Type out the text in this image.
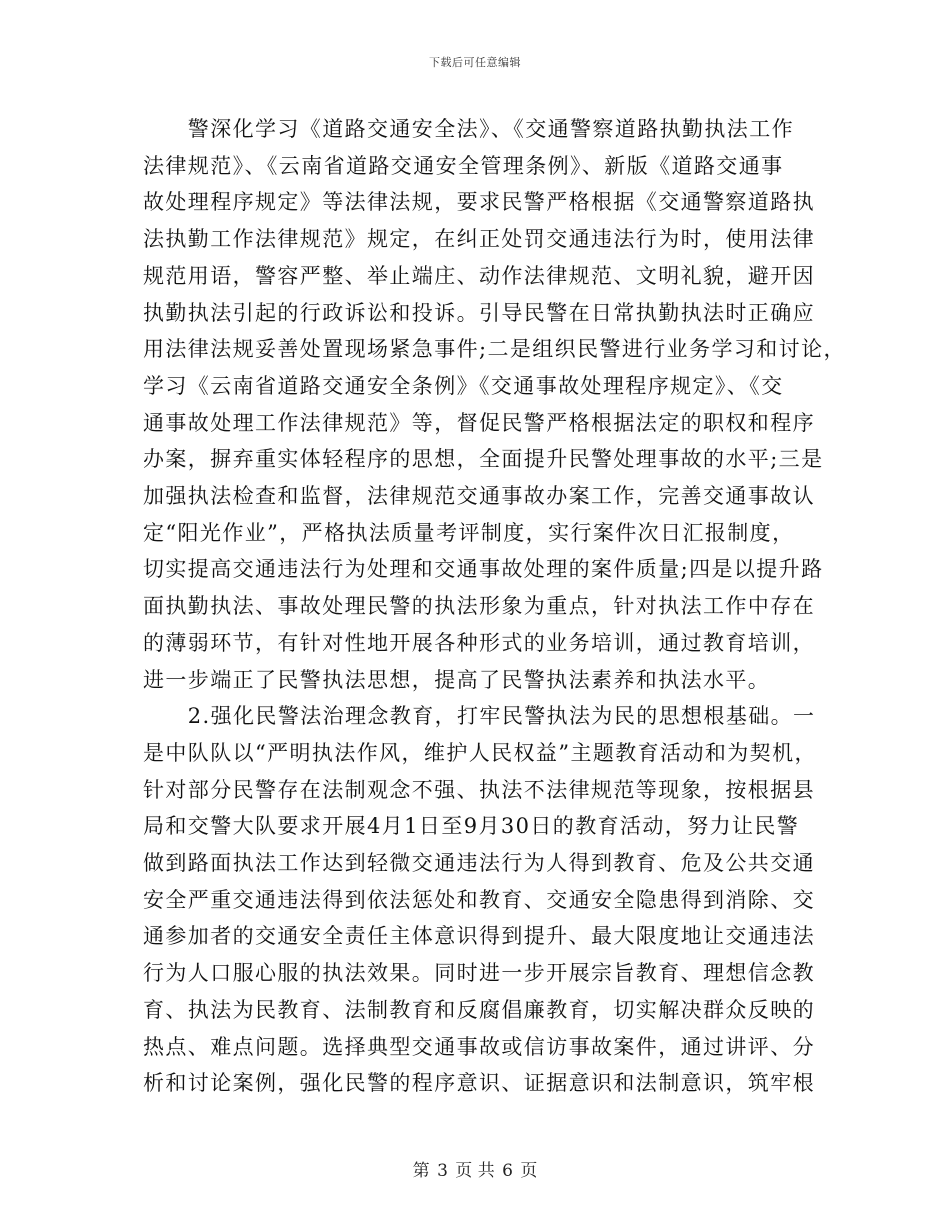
下载后可任意编辑

　　警深化学习《道路交通安全法》、《交通警察道路执勤执法工作

法律规范》、《云南省道路交通安全管理条例》、新版《道路交通事

故处理程序规定》等法律法规，要求民警严格根据《交通警察道路执

法执勤工作法律规范》规定，在纠正处罚交通违法行为时，使用法律

规范用语，警容严整、举止端庄、动作法律规范、文明礼貌，避开因

执勤执法引起的行政诉讼和投诉。引导民警在日常执勤执法时正确应

用法律法规妥善处置现场紧急事件;二是组织民警进行业务学习和讨论，

学习《云南省道路交通安全条例》《交通事故处理程序规定》、《交

通事故处理工作法律规范》等，督促民警严格根据法定的职权和程序

办案，摒弃重实体轻程序的思想，全面提升民警处理事故的水平;三是

加强执法检查和监督，法律规范交通事故办案工作，完善交通事故认

定“阳光作业”，严格执法质量考评制度，实行案件次日汇报制度，

切实提高交通违法行为处理和交通事故处理的案件质量;四是以提升路

面执勤执法、事故处理民警的执法形象为重点，针对执法工作中存在

的薄弱环节，有针对性地开展各种形式的业务培训，通过教育培训，

进一步端正了民警执法思想，提高了民警执法素养和执法水平。

　　2.强化民警法治理念教育，打牢民警执法为民的思想根基础。一

是中队队以“严明执法作风，维护人民权益”主题教育活动和为契机，

针对部分民警存在法制观念不强、执法不法律规范等现象，按根据县

局和交警大队要求开展4月1日至9月30日的教育活动，努力让民警

做到路面执法工作达到轻微交通违法行为人得到教育、危及公共交通

安全严重交通违法得到依法惩处和教育、交通安全隐患得到消除、交

通参加者的交通安全责任主体意识得到提升、最大限度地让交通违法

行为人口服心服的执法效果。同时进一步开展宗旨教育、理想信念教

育、执法为民教育、法制教育和反腐倡廉教育，切实解决群众反映的

热点、难点问题。选择典型交通事故或信访事故案件，通过讲评、分

析和讨论案例，强化民警的程序意识、证据意识和法制意识，筑牢根

第 3 页 共 6 页
